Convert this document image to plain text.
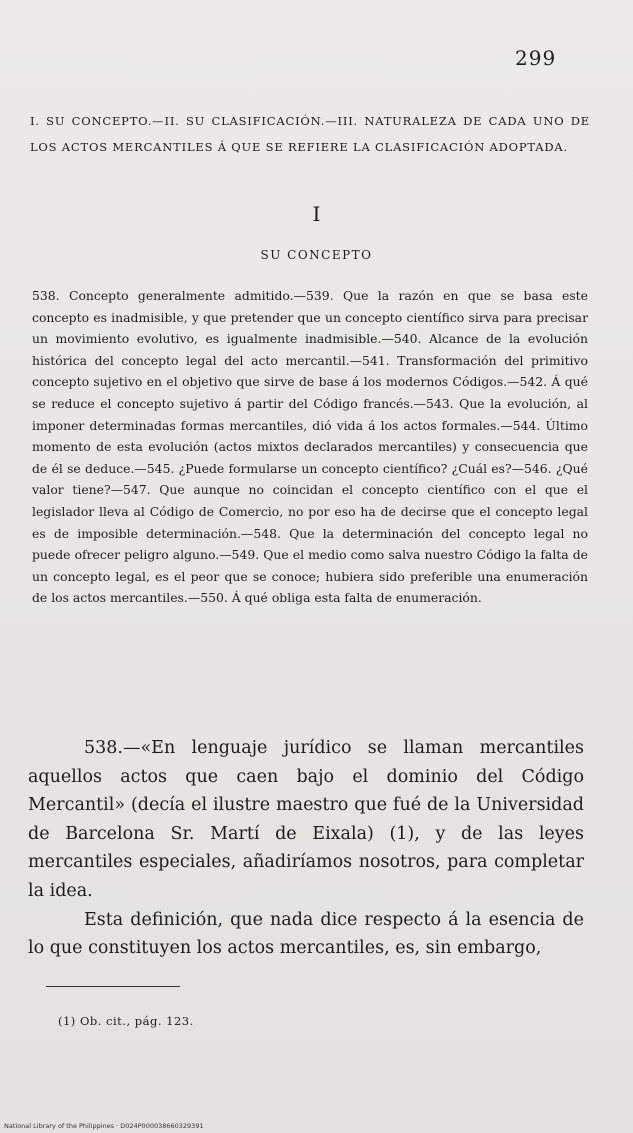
299
I. SU CONCEPTO.—II. SU CLASIFICACIÓN.—III. NATURALEZA DE CADA UNO DE LOS ACTOS MERCANTILES Á QUE SE REFIERE LA CLASIFICACIÓN ADOPTADA.
I
SU CONCEPTO
538. Concepto generalmente admitido.—539. Que la razón en que se basa este concepto es inadmisible, y que pretender que un concepto científico sirva para precisar un movimiento evolutivo, es igualmente inadmisible.—540. Alcance de la evolución histórica del concepto legal del acto mercantil.—541. Transformación del primitivo concepto sujetivo en el objetivo que sirve de base á los modernos Códigos.—542. Á qué se reduce el concepto sujetivo á partir del Código francés.—543. Que la evolución, al imponer determinadas formas mercantiles, dió vida á los actos formales.—544. Último momento de esta evolución (actos mixtos declarados mercantiles) y consecuencia que de él se deduce.—545. ¿Puede formularse un concepto científico? ¿Cuál es?—546. ¿Qué valor tiene?—547. Que aunque no coincidan el concepto científico con el que el legislador lleva al Código de Comercio, no por eso ha de decirse que el concepto legal es de imposible determinación.—548. Que la determinación del concepto legal no puede ofrecer peligro alguno.—549. Que el medio como salva nuestro Código la falta de un concepto legal, es el peor que se conoce; hubiera sido preferible una enumeración de los actos mercantiles.—550. Á qué obliga esta falta de enumeración.

538.—«En lenguaje jurídico se llaman mercantiles aquellos actos que caen bajo el dominio del Código Mercantil» (decía el ilustre maestro que fué de la Universidad de Barcelona Sr. Martí de Eixala) (1), y de las leyes mercantiles especiales, añadiríamos nosotros, para completar la idea.

Esta definición, que nada dice respecto á la esencia de lo que constituyen los actos mercantiles, es, sin embargo,

(1) Ob. cit., pág. 123.
National Library of the Philippines · D024P000038660329391
